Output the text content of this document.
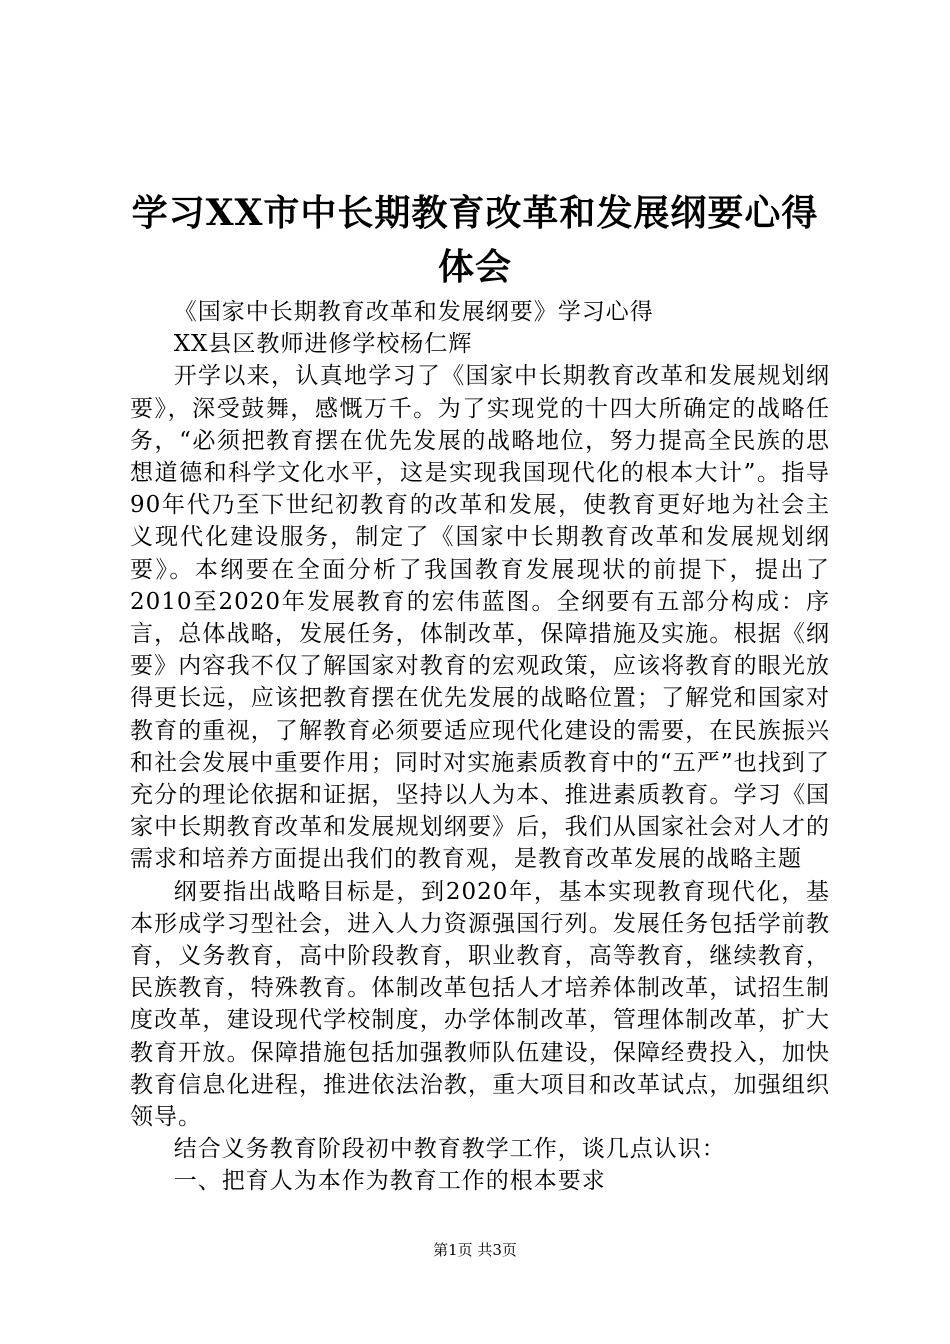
学习XX市中长期教育改革和发展纲要心得体会

《国家中长期教育改革和发展纲要》学习心得

XX县区教师进修学校杨仁辉

开学以来，认真地学习了《国家中长期教育改革和发展规划纲要》，深受鼓舞，感慨万千。为了实现党的十四大所确定的战略任务，“必须把教育摆在优先发展的战略地位，努力提高全民族的思想道德和科学文化水平，这是实现我国现代化的根本大计”。指导90年代乃至下世纪初教育的改革和发展，使教育更好地为社会主义现代化建设服务，制定了《国家中长期教育改革和发展规划纲要》。本纲要在全面分析了我国教育发展现状的前提下，提出了2010至2020年发展教育的宏伟蓝图。全纲要有五部分构成：序言，总体战略，发展任务，体制改革，保障措施及实施。根据《纲要》内容我不仅了解国家对教育的宏观政策，应该将教育的眼光放得更长远，应该把教育摆在优先发展的战略位置；了解党和国家对教育的重视，了解教育必须要适应现代化建设的需要，在民族振兴和社会发展中重要作用；同时对实施素质教育中的“五严”也找到了充分的理论依据和证据，坚持以人为本、推进素质教育。学习《国家中长期教育改革和发展规划纲要》后，我们从国家社会对人才的需求和培养方面提出我们的教育观，是教育改革发展的战略主题

纲要指出战略目标是，到2020年，基本实现教育现代化，基本形成学习型社会，进入人力资源强国行列。发展任务包括学前教育，义务教育，高中阶段教育，职业教育，高等教育，继续教育，民族教育，特殊教育。体制改革包括人才培养体制改革，试招生制度改革，建设现代学校制度，办学体制改革，管理体制改革，扩大教育开放。保障措施包括加强教师队伍建设，保障经费投入，加快教育信息化进程，推进依法治教，重大项目和改革试点，加强组织领导。

结合义务教育阶段初中教育教学工作，谈几点认识：

一、把育人为本作为教育工作的根本要求

第1页 共3页
